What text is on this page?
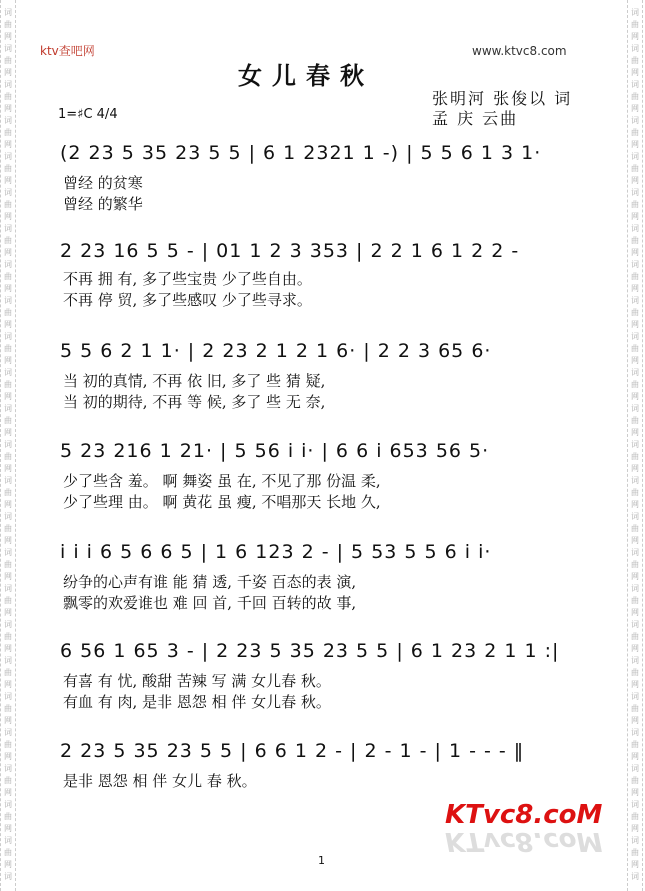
词
曲
网
词
曲
网
词
曲
网
词
曲
网
词
曲
网
词
曲
网
词
曲
网
词
曲
网
词
曲
网
词
曲
网
词
曲
网
词
曲
网
词
曲
网
词
曲
网
词
曲
网
词
曲
网
词
曲
网
词
曲
网
词
曲
网
词
曲
网
词
曲
网
词
曲
网
词
曲
网
词
曲
网
词
词
曲
网
词
曲
网
词
曲
网
词
曲
网
词
曲
网
词
曲
网
词
曲
网
词
曲
网
词
曲
网
词
曲
网
词
曲
网
词
曲
网
词
曲
网
词
曲
网
词
曲
网
词
曲
网
词
曲
网
词
曲
网
词
曲
网
词
曲
网
词
曲
网
词
曲
网
词
曲
网
词
曲
网
词
ktv查吧网	www.ktvc8.com
女儿春秋
张明河 张俊以 词
孟 庆 云曲
1=♯C 4/4
(2 23 5 35 23 5 5 | 6 1 2321 1 -) | 5 5 6 1 3 1·
曾经 的贫寒
曾经 的繁华
2 23 16 5 5 - | 01 1 2 3 353 | 2 2 1 6 1 2 2 -
不再 拥 有, 多了些宝贵 少了些自由。
不再 停 贸, 多了些感叹 少了些寻求。
5 5 6 2 1 1· | 2 23 2 1 2 1 6· | 2 2 3 65 6·
当 初的真情, 不再 依 旧, 多了 些 猜 疑,
当 初的期待, 不再 等 候, 多了 些 无 奈,
5 23 216 1 21· | 5 56 i i· | 6 6 i 653 56 5·
少了些含 羞。 啊 舞姿 虽 在, 不见了那 份温 柔,
少了些理 由。 啊 黄花 虽 瘦, 不唱那天 长地 久,
i i i 6 5 6 6 5 | 1 6 123 2 - | 5 53 5 5 6 i i·
纷争的心声有谁 能 猜 透, 千姿 百态的表 演,
飘零的欢爱谁也 难 回 首, 千回 百转的故 事,
6 56 1 65 3 - | 2 23 5 35 23 5 5 | 6 1 23 2 1 1 :|
有喜 有 忧, 酸甜 苦辣 写 满 女儿春 秋。
有血 有 肉, 是非 恩怨 相 伴 女儿春 秋。
2 23 5 35 23 5 5 | 6 6 1 2 - | 2 - 1 - | 1 - - - ‖
是非 恩怨 相 伴 女儿 春 秋。
KTvc8.coM
KTvc8.coM
1
